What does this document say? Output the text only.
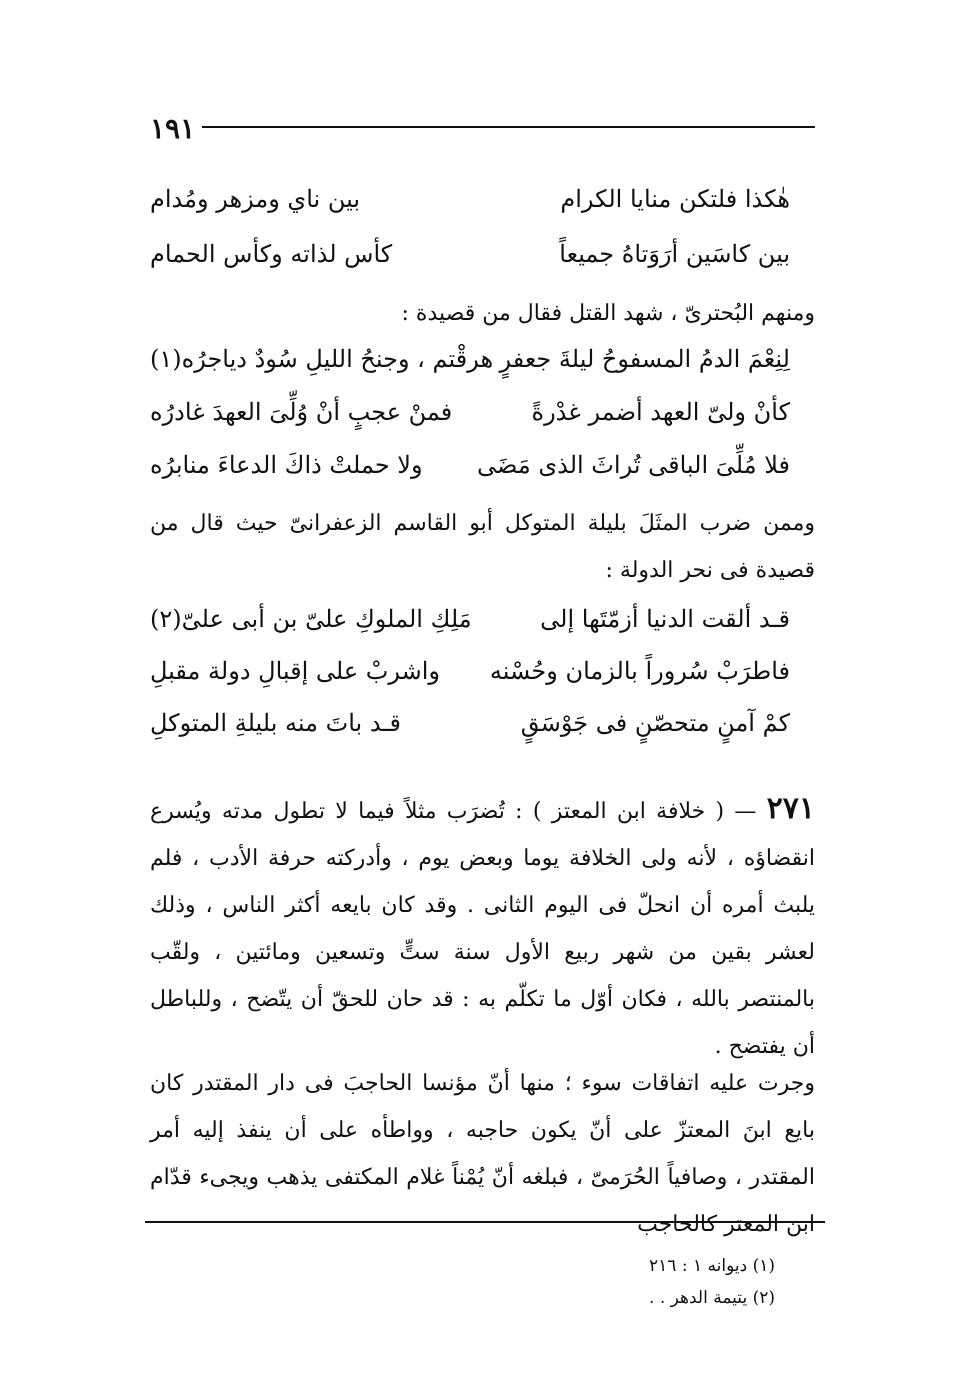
١٩١
هٰكذا فلتكن منايا الكرام
بين ناي ومزهر ومُدام
بين كاسَين أرَوَتاهُ جميعاً
كأس لذاته وكأس الحمام
ومنهم البُحترىّ ، شهد القتل فقال من قصيدة :
لِنِعْمَ الدمُ المسفوحُ ليلةَ جعفرٍ
هرقْتم ، وجنحُ الليلِ سُودٌ دياجرُه(١)
كأنْ ولىّ العهد أضمر غدْرةً
فمنْ عجبٍ أنْ وُلِّىَ العهدَ غادرُه
فلا مُلِّىَ الباقى تُراثَ الذى مَضَى
ولا حملتْ ذاكَ الدعاءَ منابرُه
وممن ضرب المثَلَ بليلة المتوكل أبو القاسم الزعفرانىّ حيث قال من قصيدة فى نحر الدولة :
قـد ألقت الدنيا أزمّتَها إلى
مَلِكِ الملوكِ علىّ بن أبى علىّ(٢)
فاطرَبْ سُروراً بالزمان وحُسْنه
واشربْ على إقبالِ دولة مقبلِ
كمْ آمنٍ متحصّنٍ فى جَوْسَقٍ
قـد باتَ منه بليلةِ المتوكلِ
٢٧١ — ( خلافة ابن المعتز ) : تُضرَب مثلاً فيما لا تطول مدته ويُسرع انقضاؤه ، لأنه ولى الخلافة يوما وبعض يوم ، وأدركته حرفة الأدب ، فلم يلبث أمره أن انحلّ فى اليوم الثانى . وقد كان بايعه أكثر الناس ، وذلك لعشر بقين من شهر ربيع الأول سنة ستٍّ وتسعين ومائتين ، ولقّب بالمنتصر بالله ، فكان أوّل ما تكلّم به : قد حان للحقّ أن يتّضح ، وللباطل أن يفتضح .
وجرت عليه اتفاقات سوء ؛ منها أنّ مؤنسا الحاجبَ فى دار المقتدر كان بايع ابنَ المعتزّ على أنّ يكون حاجبه ، وواطأه على أن ينفذ إليه أمر المقتدر ، وصافياً الحُرَمىّ ، فبلغه أنّ يُمْناً غلام المكتفى يذهب ويجىء قدّام ابن المعتز كالحاجب
(١) ديوانه ١ : ٢١٦
(٢) يتيمة الدهر . .
